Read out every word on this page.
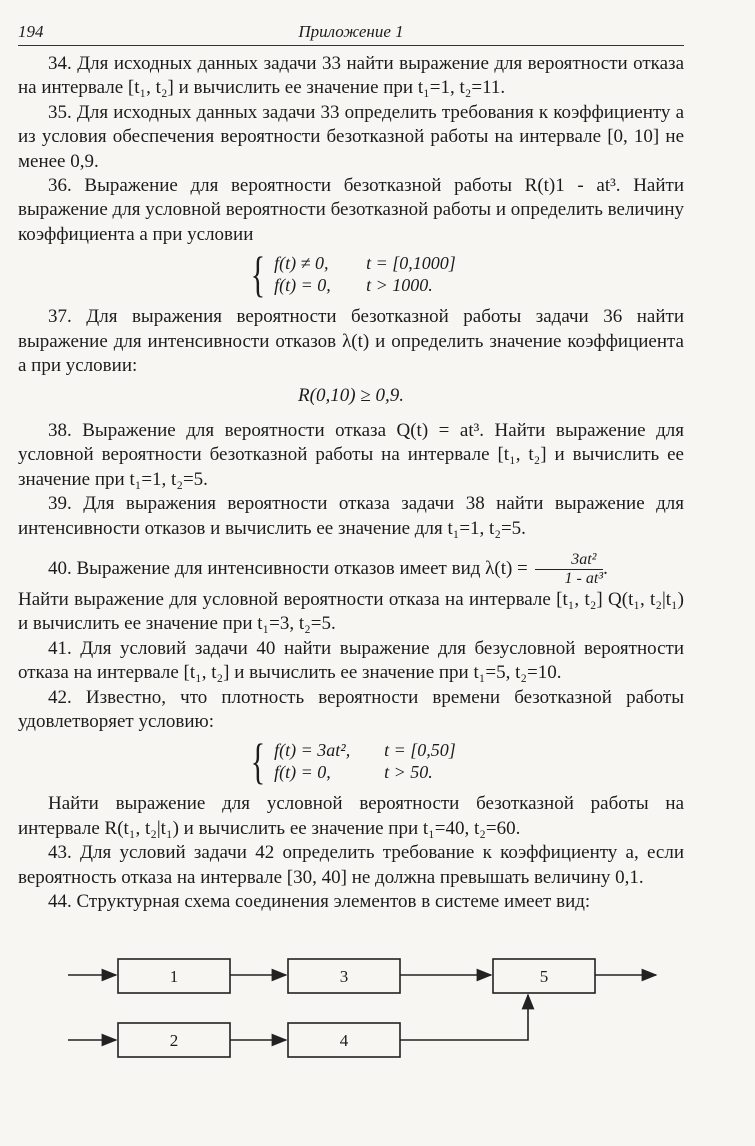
194	Приложение 1

34. Для исходных данных задачи 33 найти выражение для вероятности отказа на интервале [t₁, t₂] и вычислить ее значение при t₁=1, t₂=11.

35. Для исходных данных задачи 33 определить требования к коэффициенту a из условия обеспечения вероятности безотказной работы на интервале [0, 10] не менее 0,9.

36. Выражение для вероятности безотказной работы R(t)1 - at³. Найти выражение для условной вероятности безотказной работы и определить величину коэффициента a при условии

{ f(t) ≠ 0,	t = [0,1000]
f(t) = 0,	t > 1000.

37. Для выражения вероятности безотказной работы задачи 36 найти выражение для интенсивности отказов λ(t) и определить значение коэффициента a при условии:

R(0,10) ≥ 0,9.

38. Выражение для вероятности отказа Q(t) = at³. Найти выражение для условной вероятности безотказной работы на интервале [t₁, t₂] и вычислить ее значение при t₁=1, t₂=5.

39. Для выражения вероятности отказа задачи 38 найти выражение для интенсивности отказов и вычислить ее значение для t₁=1, t₂=5.

40. Выражение для интенсивности отказов имеет вид $\lambda(t) = \frac{\text{3at²}}{\text{1 - at³}}$ .

Найти выражение для условной вероятности отказа на интервале [t₁, t₂] Q(t₁, t₂|t₁) и вычислить ее значение при t₁=3, t₂=5.

41. Для условий задачи 40 найти выражение для безусловной вероятности отказа на интервале [t₁, t₂] и вычислить ее значение при t₁=5, t₂=10.

42. Известно, что плотность вероятности времени безотказной работы удовлетворяет условию:

{ f(t) = 3at²,	t = [0,50]
f(t) = 0,	t > 50.

Найти выражение для условной вероятности безотказной работы на интервале R(t₁, t₂|t₁) и вычислить ее значение при t₁=40, t₂=60.

43. Для условий задачи 42 определить требование к коэффициенту a, если вероятность отказа на интервале [30, 40] не должна превышать величину 0,1.

44. Структурная схема соединения элементов в системе имеет вид:

1	3	5
2	4
